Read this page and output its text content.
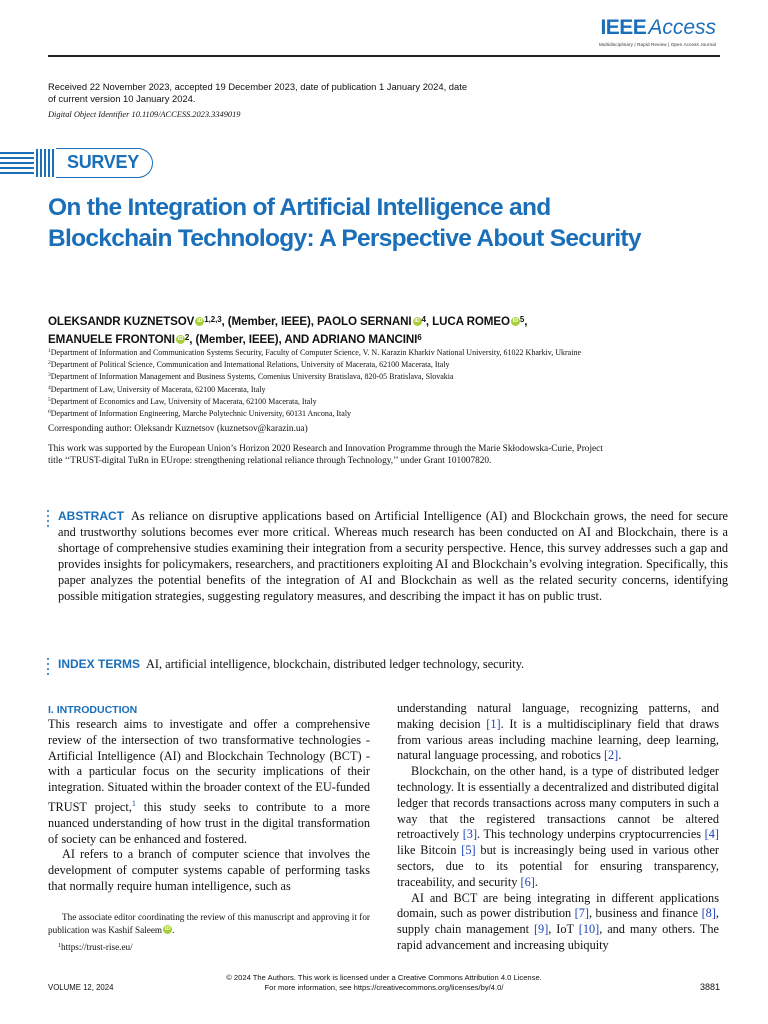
IEEEAccess
Multidisciplinary | Rapid Review | Open Access Journal
Received 22 November 2023, accepted 19 December 2023, date of publication 1 January 2024, date of current version 10 January 2024.
Digital Object Identifier 10.1109/ACCESS.2023.3349019
SURVEY
On the Integration of Artificial Intelligence and Blockchain Technology: A Perspective About Security
OLEKSANDR KUZNETSOV iD $^{1,2,3}$, (Member, IEEE), PAOLO SERNANI iD $^4$, LUCA ROMEO iD $^5$,
EMANUELE FRONTONI iD $^2$, (Member, IEEE), AND ADRIANO MANCINI$^6$
$^1$Department of Information and Communication Systems Security, Faculty of Computer Science, V. N. Karazin Kharkiv National University, 61022 Kharkiv, Ukraine
$^2$Department of Political Science, Communication and International Relations, University of Macerata, 62100 Macerata, Italy
$^3$Department of Information Management and Business Systems, Comenius University Bratislava, 820-05 Bratislava, Slovakia
$^4$Department of Law, University of Macerata, 62100 Macerata, Italy
$^5$Department of Economics and Law, University of Macerata, 62100 Macerata, Italy
$^6$Department of Information Engineering, Marche Polytechnic University, 60131 Ancona, Italy
Corresponding author: Oleksandr Kuznetsov (kuznetsov@karazin.ua)
This work was supported by the European Union’s Horizon 2020 Research and Innovation Programme through the Marie Skłodowska-Curie, Project title ‘‘TRUST-digital TuRn in EUrope: strengthening relational reliance through Technology,’’ under Grant 101007820.
ABSTRACT As reliance on disruptive applications based on Artificial Intelligence (AI) and Blockchain grows, the need for secure and trustworthy solutions becomes ever more critical. Whereas much research has been conducted on AI and Blockchain, there is a shortage of comprehensive studies examining their integration from a security perspective. Hence, this survey addresses such a gap and provides insights for policymakers, researchers, and practitioners exploiting AI and Blockchain’s evolving integration. Specifically, this paper analyzes the potential benefits of the integration of AI and Blockchain as well as the related security concerns, identifying possible mitigation strategies, suggesting regulatory measures, and describing the impact it has on public trust.
INDEX TERMS AI, artificial intelligence, blockchain, distributed ledger technology, security.
I. INTRODUCTION

This research aims to investigate and offer a comprehensive review of the intersection of two transformative technologies - Artificial Intelligence (AI) and Blockchain Technology (BCT) - with a particular focus on the security implications of their integration. Situated within the broader context of the EU-funded TRUST project,$^1$ this study seeks to contribute to a more nuanced understanding of how trust in the digital transformation of society can be enhanced and fostered.

AI refers to a branch of computer science that involves the development of computer systems capable of performing tasks that normally require human intelligence, such as

understanding natural language, recognizing patterns, and making decision [1]. It is a multidisciplinary field that draws from various areas including machine learning, deep learning, natural language processing, and robotics [2].

Blockchain, on the other hand, is a type of distributed ledger technology. It is essentially a decentralized and distributed digital ledger that records transactions across many computers in such a way that the registered transactions cannot be altered retroactively [3]. This technology underpins cryptocurrencies [4] like Bitcoin [5] but is increasingly being used in various other sectors, due to its potential for ensuring transparency, traceability, and security [6].

AI and BCT are being integrating in different applications domain, such as power distribution [7], business and finance [8], supply chain management [9], IoT [10], and many others. The rapid advancement and increasing ubiquity

The associate editor coordinating the review of this manuscript and approving it for publication was Kashif Saleem iD .
$^1$https://trust-rise.eu/
© 2024 The Authors. This work is licensed under a Creative Commons Attribution 4.0 License.
For more information, see https://creativecommons.org/licenses/by/4.0/
VOLUME 12, 2024	3881
